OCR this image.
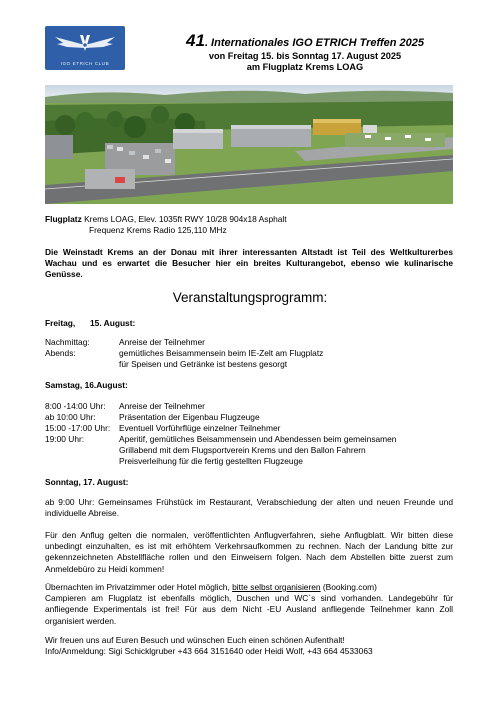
IGO ETRICH CLUB
41. Internationales IGO ETRICH Treffen 2025
von Freitag 15. bis Sonntag 17. August 2025
am Flugplatz Krems LOAG
Flugplatz Krems LOAG, Elev. 1035ft RWY 10/28 904x18 Asphalt
Frequenz Krems Radio 125,110 MHz
Die Weinstadt Krems an der Donau mit ihrer interessanten Altstadt ist Teil des Weltkulturerbes Wachau und es erwartet die Besucher hier ein breites Kulturangebot, ebenso wie kulinarische Genüsse.
Veranstaltungsprogramm:
Freitag, 15. August:
Nachmittag:	Anreise der Teilnehmer
Abends:	gemütliches Beisammensein beim IE-Zelt am Flugplatz
für Speisen und Getränke ist bestens gesorgt
Samstag, 16.August:
8:00 -14:00 Uhr: Anreise der Teilnehmer
ab 10:00 Uhr:	Präsentation der Eigenbau Flugzeuge
15:00 -17:00 Uhr: Eventuell Vorführflüge einzelner Teilnehmer
19:00 Uhr:	Aperitif, gemütliches Beisammensein und Abendessen beim gemeinsamen
Grillabend mit dem Flugsportverein Krems und den Ballon Fahrern
Preisverleihung für die fertig gestellten Flugzeuge
Sonntag, 17. August:
ab 9:00 Uhr: Gemeinsames Frühstück im Restaurant, Verabschiedung der alten und neuen Freunde und individuelle Abreise.
Für den Anflug gelten die normalen, veröffentlichten Anflugverfahren, siehe Anflugblatt. Wir bitten diese unbedingt einzuhalten, es ist mit erhöhtem Verkehrsaufkommen zu rechnen. Nach der Landung bitte zur gekennzeichneten Abstellfläche rollen und den Einweisern folgen. Nach dem Abstellen bitte zuerst zum Anmeldebüro zu Heidi kommen!
Übernachten im Privatzimmer oder Hotel möglich, bitte selbst organisieren (Booking.com)
Campieren am Flugplatz ist ebenfalls möglich, Duschen und WC`s sind vorhanden. Landegebühr für anfliegende Experimentals ist frei! Für aus dem Nicht -EU Ausland anfliegende Teilnehmer kann Zoll organisiert werden.
Wir freuen uns auf Euren Besuch und wünschen Euch einen schönen Aufenthalt!
Info/Anmeldung: Sigi Schicklgruber +43 664 3151640 oder Heidi Wolf, +43 664 4533063
